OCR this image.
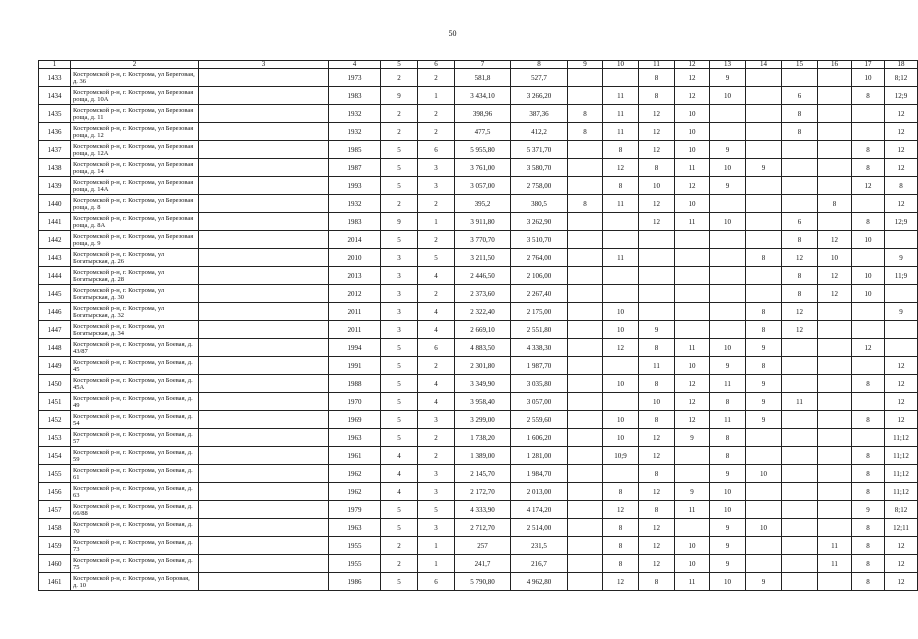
50
1	2	3	4	5	6	7	8	9	10	11	12	13	14	15	16	17	18
1433	Костромской р-н, г. Кострома, ул Береговая, д. 36		1973	2	2	581,8	527,7			8	12	9				10	8;12
1434	Костромской р-н, г. Кострома, ул Березовая роща, д. 10А		1983	9	1	3 434,10	3 266,20		11	8	12	10		6		8	12;9
1435	Костромской р-н, г. Кострома, ул Березовая роща, д. 11		1932	2	2	398,96	387,36	8	11	12	10			8			12
1436	Костромской р-н, г. Кострома, ул Березовая роща, д. 12		1932	2	2	477,5	412,2	8	11	12	10			8			12
1437	Костромской р-н, г. Кострома, ул Березовая роща, д. 12А		1985	5	6	5 955,80	5 371,70		8	12	10	9				8	12
1438	Костромской р-н, г. Кострома, ул Березовая роща, д. 14		1987	5	3	3 761,00	3 580,70		12	8	11	10	9			8	12
1439	Костромской р-н, г. Кострома, ул Березовая роща, д. 14А		1993	5	3	3 057,00	2 758,00		8	10	12	9				12	8
1440	Костромской р-н, г. Кострома, ул Березовая роща, д. 8		1932	2	2	395,2	380,5	8	11	12	10				8		12
1441	Костромской р-н, г. Кострома, ул Березовая роща, д. 8А		1983	9	1	3 911,80	3 262,90			12	11	10		6		8	12;9
1442	Костромской р-н, г. Кострома, ул Березовая роща, д. 9		2014	5	2	3 770,70	3 510,70							8	12	10	
1443	Костромской р-н, г. Кострома, ул Богатырская, д. 26		2010	3	5	3 211,50	2 764,00		11				8	12	10		9
1444	Костромской р-н, г. Кострома, ул Богатырская, д. 28		2013	3	4	2 446,50	2 106,00							8	12	10	11;9
1445	Костромской р-н, г. Кострома, ул Богатырская, д. 30		2012	3	2	2 373,60	2 267,40							8	12	10	
1446	Костромской р-н, г. Кострома, ул Богатырская, д. 32		2011	3	4	2 322,40	2 175,00		10				8	12			9
1447	Костромской р-н, г. Кострома, ул Богатырская, д. 34		2011	3	4	2 669,10	2 551,80		10	9			8	12			
1448	Костромской р-н, г. Кострома, ул Боевая, д. 43/87		1994	5	6	4 883,50	4 338,30		12	8	11	10	9			12	
1449	Костромской р-н, г. Кострома, ул Боевая, д. 45		1991	5	2	2 301,80	1 987,70			11	10	9	8				12
1450	Костромской р-н, г. Кострома, ул Боевая, д. 45А		1988	5	4	3 349,90	3 035,80		10	8	12	11	9			8	12
1451	Костромской р-н, г. Кострома, ул Боевая, д. 49		1970	5	4	3 958,40	3 057,00			10	12	8	9	11			12
1452	Костромской р-н, г. Кострома, ул Боевая, д. 54		1969	5	3	3 299,00	2 559,60		10	8	12	11	9			8	12
1453	Костромской р-н, г. Кострома, ул Боевая, д. 57		1963	5	2	1 738,20	1 606,20		10	12	9	8					11;12
1454	Костромской р-н, г. Кострома, ул Боевая, д. 59		1961	4	2	1 389,00	1 281,00		10;9	12		8				8	11;12
1455	Костромской р-н, г. Кострома, ул Боевая, д. 61		1962	4	3	2 145,70	1 984,70			8		9	10			8	11;12
1456	Костромской р-н, г. Кострома, ул Боевая, д. 63		1962	4	3	2 172,70	2 013,00		8	12	9	10				8	11;12
1457	Костромской р-н, г. Кострома, ул Боевая, д. 66/88		1979	5	5	4 333,90	4 174,20		12	8	11	10				9	8;12
1458	Костромской р-н, г. Кострома, ул Боевая, д. 70		1963	5	3	2 712,70	2 514,00		8	12		9	10			8	12;11
1459	Костромской р-н, г. Кострома, ул Боевая, д. 73		1955	2	1	257	231,5		8	12	10	9			11	8	12
1460	Костромской р-н, г. Кострома, ул Боевая, д. 75		1955	2	1	241,7	216,7		8	12	10	9			11	8	12
1461	Костромской р-н, г. Кострома, ул Боровая, д. 10		1986	5	6	5 790,80	4 962,80		12	8	11	10	9			8	12
